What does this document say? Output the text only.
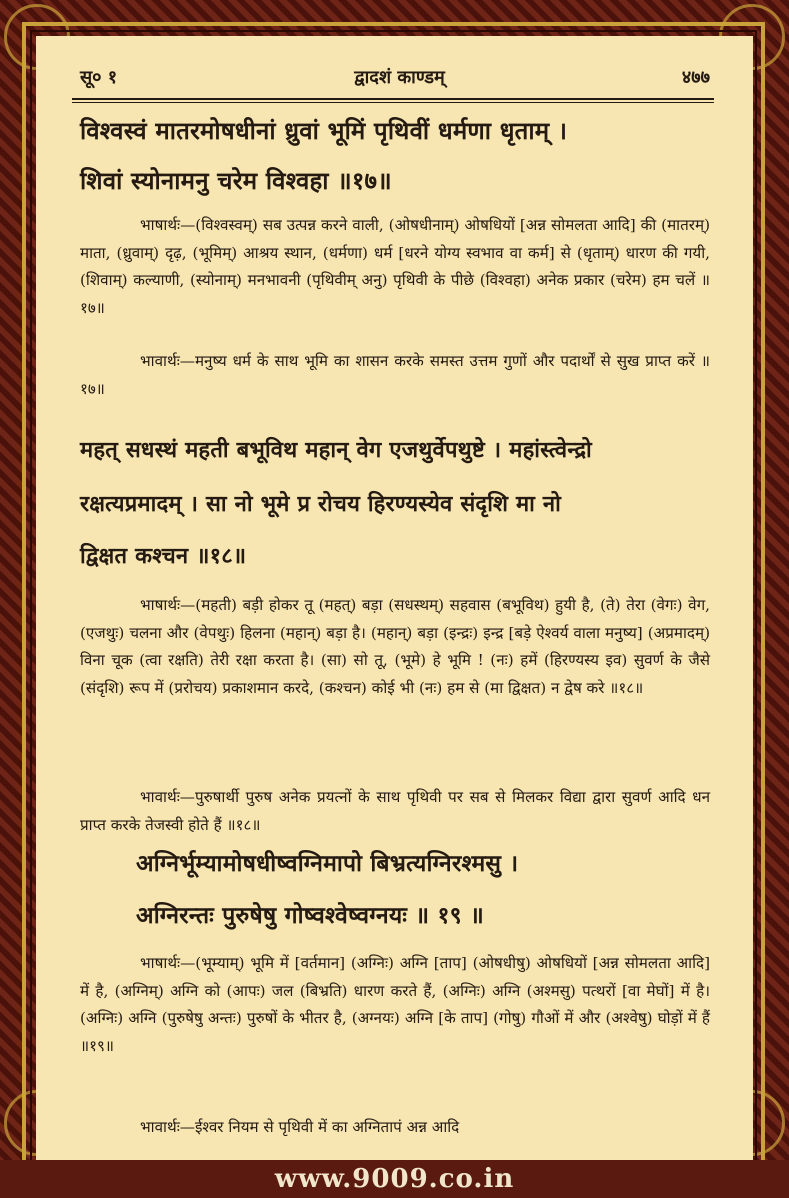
सू० १	द्वादशं काण्डम्	४७७
विश्वस्वं मातरमोषधीनां ध्रुवां भूमिं पृथिवीं धर्मणा धृताम् ।
शिवां स्योनामनु चरेम विश्वहा ॥१७॥
भाषार्थः—(विश्वस्वम्) सब उत्पन्न करने वाली, (ओषधीनाम्) ओषधियों [अन्न सोमलता आदि] की (मातरम्) माता, (ध्रुवाम्) दृढ़, (भूमिम्) आश्रय स्थान, (धर्मणा) धर्म [धरने योग्य स्वभाव वा कर्म] से (धृताम्) धारण की गयी, (शिवाम्) कल्याणी, (स्योनाम्) मनभावनी (पृथिवीम् अनु) पृथिवी के पीछे (विश्वहा) अनेक प्रकार (चरेम) हम चलें ॥१७॥
भावार्थः—मनुष्य धर्म के साथ भूमि का शासन करके समस्त उत्तम गुणों और पदार्थों से सुख प्राप्त करें ॥१७॥
महत् सधस्थं महती बभूविथ महान् वेग एजथुर्वेपथुष्टे । महांस्त्वेन्द्रो
रक्षत्यप्रमादम् । सा नो भूमे प्र रोचय हिरण्यस्येव संदृशि मा नो
द्विक्षत कश्चन ॥१८॥
भाषार्थः—(महती) बड़ी होकर तू (महत्) बड़ा (सधस्थम्) सहवास (बभूविथ) हुयी है, (ते) तेरा (वेगः) वेग, (एजथुः) चलना और (वेपथुः) हिलना (महान्) बड़ा है। (महान्) बड़ा (इन्द्रः) इन्द्र [बड़े ऐश्वर्य वाला मनुष्य] (अप्रमादम्) विना चूक (त्वा रक्षति) तेरी रक्षा करता है। (सा) सो तू, (भूमे) हे भूमि ! (नः) हमें (हिरण्यस्य इव) सुवर्ण के जैसे (संदृशि) रूप में (प्ररोचय) प्रकाशमान करदे, (कश्चन) कोई भी (नः) हम से (मा द्विक्षत) न द्वेष करे ॥१८॥
भावार्थः—पुरुषार्थी पुरुष अनेक प्रयत्नों के साथ पृथिवी पर सब से मिलकर विद्या द्वारा सुवर्ण आदि धन प्राप्त करके तेजस्वी होते हैं ॥१८॥
अग्निर्भूम्यामोषधीष्वग्निमापो बिभ्रत्यग्निरश्मसु ।
अग्निरन्तः पुरुषेषु गोष्वश्वेष्वग्नयः ॥ १९ ॥
भाषार्थः—(भूम्याम्) भूमि में [वर्तमान] (अग्निः) अग्नि [ताप] (ओषधीषु) ओषधियों [अन्न सोमलता आदि] में है, (अग्निम्) अग्नि को (आपः) जल (बिभ्रति) धारण करते हैं, (अग्निः) अग्नि (अश्मसु) पत्थरों [वा मेघों] में है। (अग्निः) अग्नि (पुरुषेषु अन्तः) पुरुषों के भीतर है, (अग्नयः) अग्नि [के ताप] (गोषु) गौओं में और (अश्वेषु) घोड़ों में हैं ॥१९॥
भावार्थः—ईश्वर नियम से पृथिवी में का अग्नितापं अन्न आदि
www.9009.co.in
